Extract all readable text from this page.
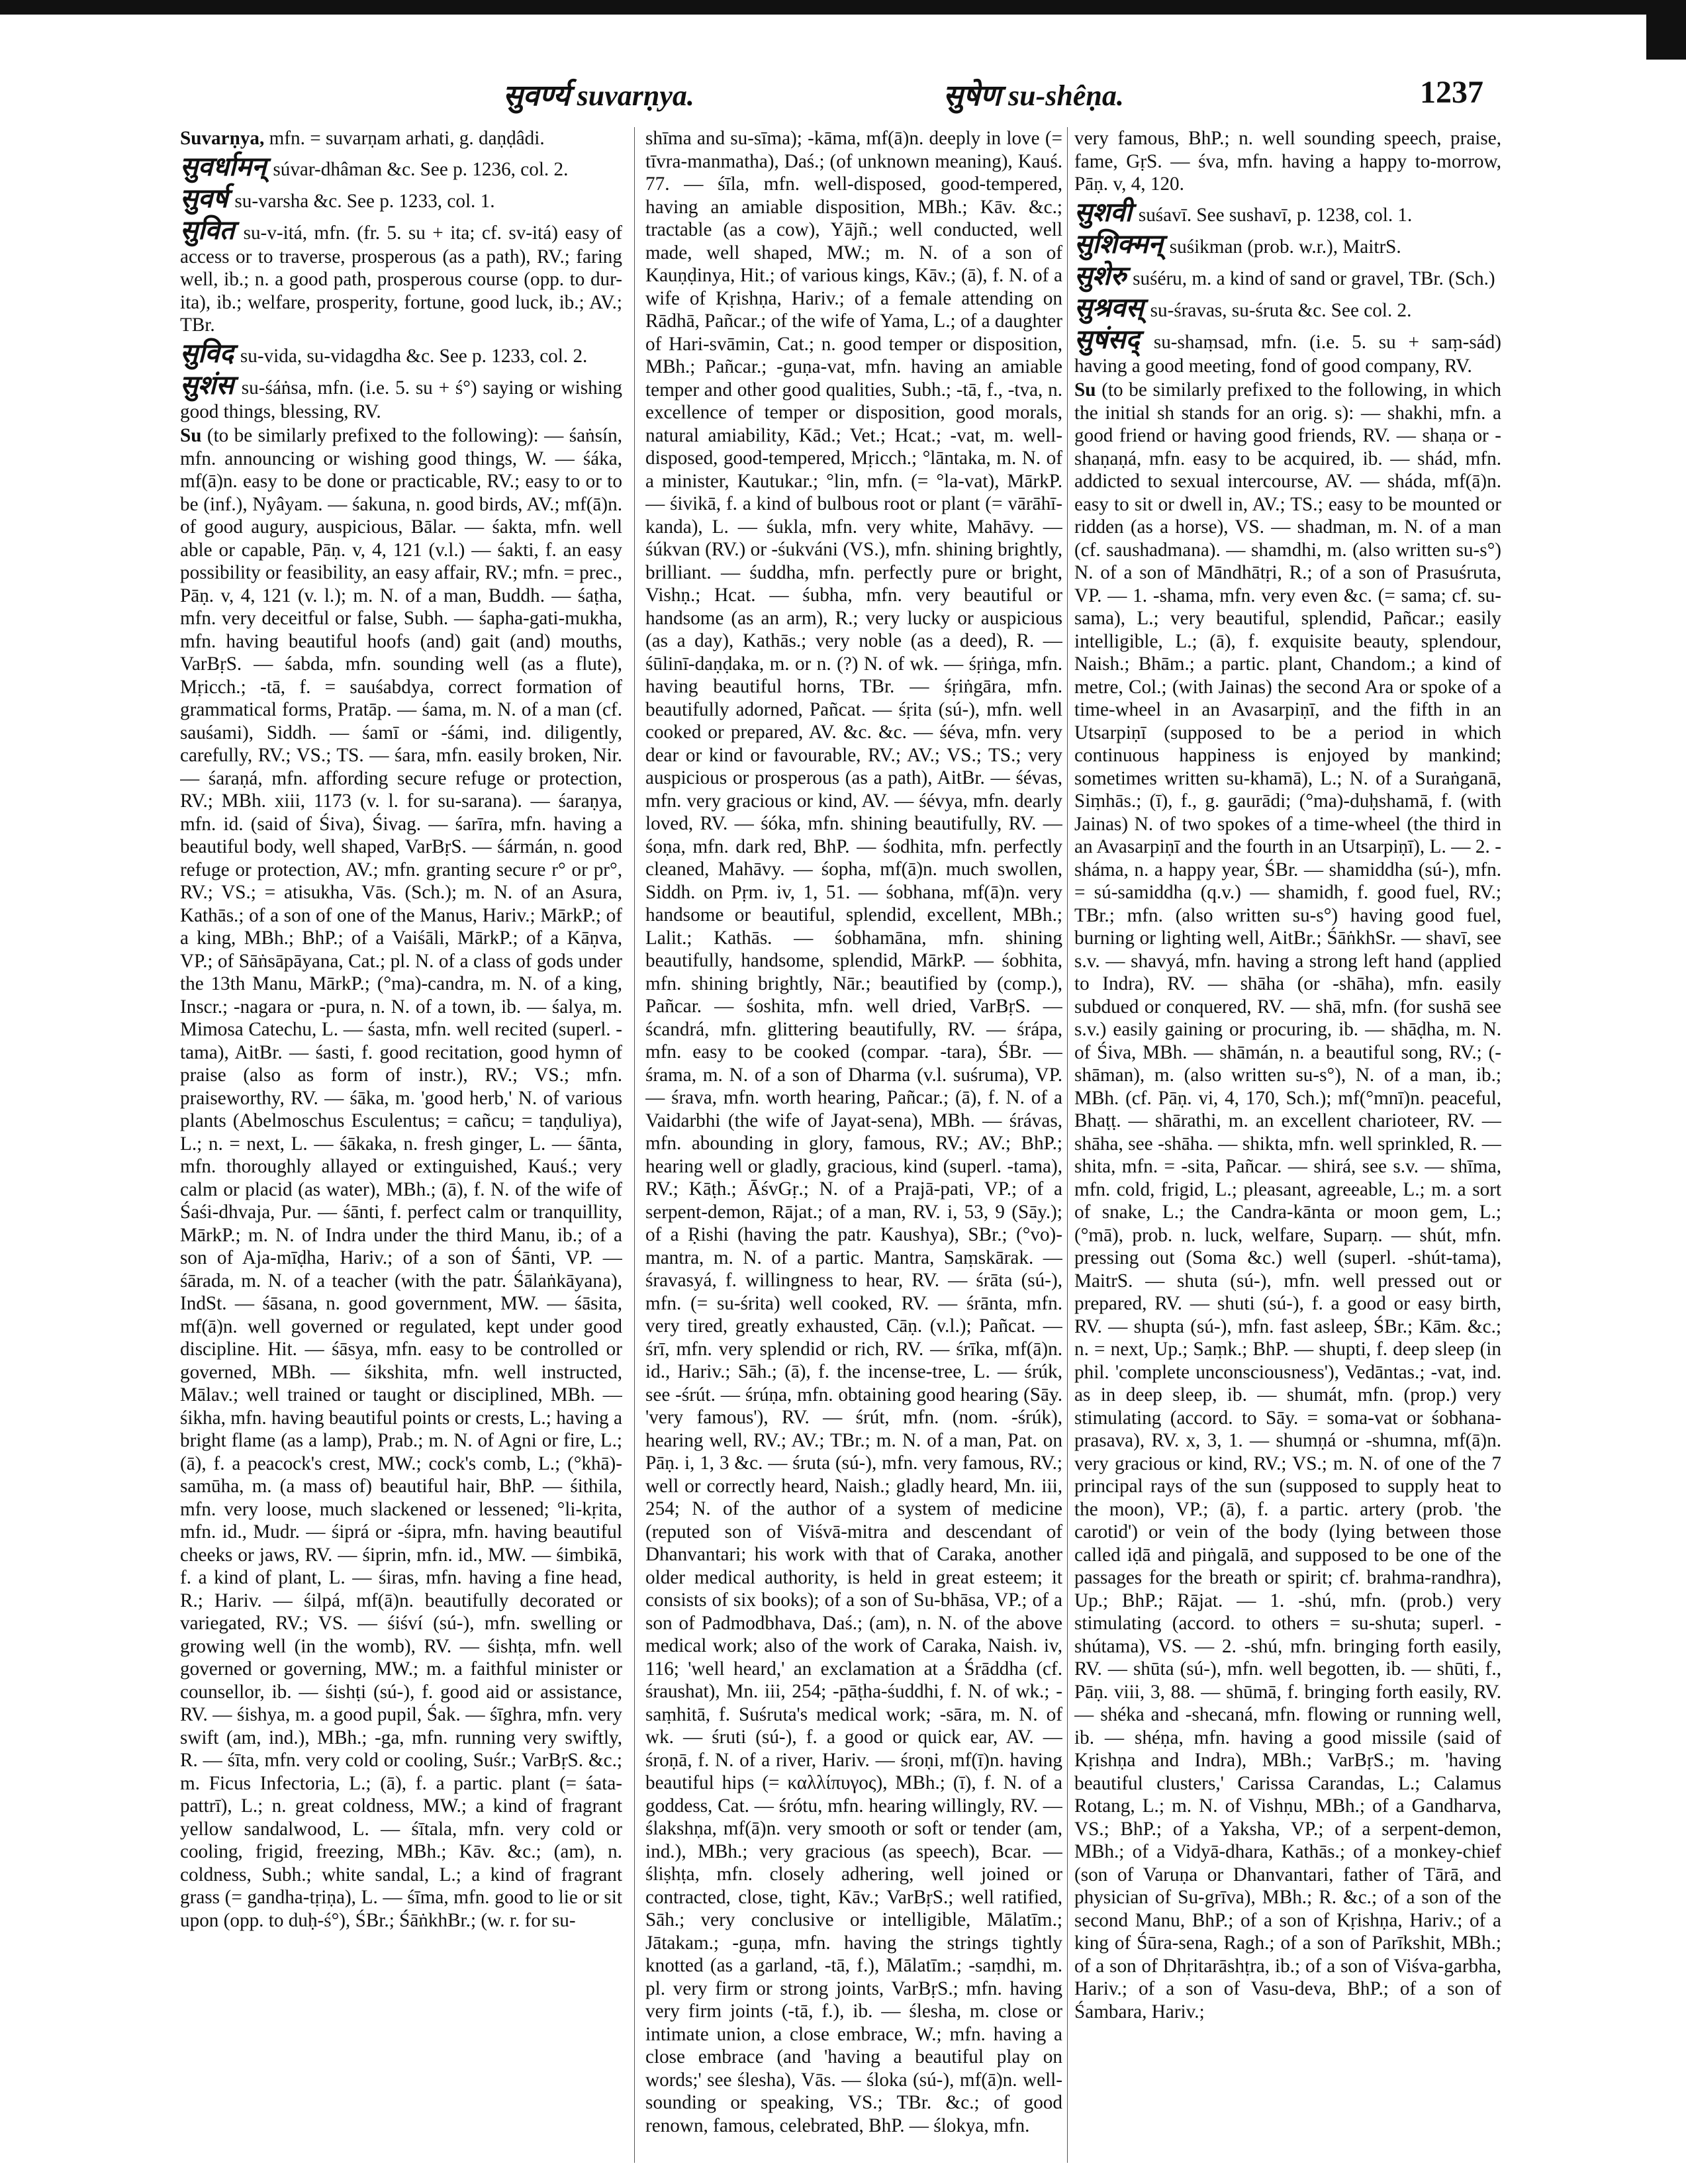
सुवर्ण्य suvarṇya.	सुषेण su-shêṇa.	1237
Suvarṇya, mfn. = suvarṇam arhati, g. daṇḍâdi.
सुवर्धामन् súvar-dhâman &c. See p. 1236, col. 2.
सुवर्ष su-varsha &c. See p. 1233, col. 1.
सुवित su-v-itá, mfn. (fr. 5. su + ita; cf. sv-itá) easy of access or to traverse, prosperous (as a path), RV.; faring well, ib.; n. a good path, prosperous course (opp. to dur-ita), ib.; welfare, prosperity, fortune, good luck, ib.; AV.; TBr.
सुविद su-vida, su-vidagdha &c. See p. 1233, col. 2.
सुशंस su-śáṅsa, mfn. (i.e. 5. su + ś°) saying or wishing good things, blessing, RV.
Su (to be similarly prefixed to the following): — śaṅsín, mfn. announcing or wishing good things, W. — śáka, mf(ā)n. easy to be done or practicable, RV.; easy to or to be (inf.), Nyâyam. — śakuna, n. good birds, AV.; mf(ā)n. of good augury, auspicious, Bālar. — śakta, mfn. well able or capable, Pāṇ. v, 4, 121 (v.l.) — śakti, f. an easy possibility or feasibility, an easy affair, RV.; mfn. = prec., Pāṇ. v, 4, 121 (v. l.); m. N. of a man, Buddh. — śaṭha, mfn. very deceitful or false, Subh. — śapha-gati-mukha, mfn. having beautiful hoofs (and) gait (and) mouths, VarBṛS. — śabda, mfn. sounding well (as a flute), Mṛicch.; -tā, f. = sauśabdya, correct formation of grammatical forms, Pratāp. — śama, m. N. of a man (cf. sauśami), Siddh. — śamī or -śámi, ind. diligently, carefully, RV.; VS.; TS. — śara, mfn. easily broken, Nir. — śaraṇá, mfn. affording secure refuge or protection, RV.; MBh. xiii, 1173 (v. l. for su-sarana). — śaraṇya, mfn. id. (said of Śiva), Śivag. — śarīra, mfn. having a beautiful body, well shaped, VarBṛS. — śármán, n. good refuge or protection, AV.; mfn. granting secure r° or pr°, RV.; VS.; = atisukha, Vās. (Sch.); m. N. of an Asura, Kathās.; of a son of one of the Manus, Hariv.; MārkP.; of a king, MBh.; BhP.; of a Vaiśāli, MārkP.; of a Kāṇva, VP.; of Sāṅsāpāyana, Cat.; pl. N. of a class of gods under the 13th Manu, MārkP.; (°ma)-candra, m. N. of a king, Inscr.; -nagara or -pura, n. N. of a town, ib. — śalya, m. Mimosa Catechu, L. — śasta, mfn. well recited (superl. -tama), AitBr. — śasti, f. good recitation, good hymn of praise (also as form of instr.), RV.; VS.; mfn. praiseworthy, RV. — śāka, m. 'good herb,' N. of various plants (Abelmoschus Esculentus; = cañcu; = taṇḍuliya), L.; n. = next, L. — śākaka, n. fresh ginger, L. — śānta, mfn. thoroughly allayed or extinguished, Kauś.; very calm or placid (as water), MBh.; (ā), f. N. of the wife of Śaśi-dhvaja, Pur. — śānti, f. perfect calm or tranquillity, MārkP.; m. N. of Indra under the third Manu, ib.; of a son of Aja-mīḍha, Hariv.; of a son of Śānti, VP. — śārada, m. N. of a teacher (with the patr. Śālaṅkāyana), IndSt. — śāsana, n. good government, MW. — śāsita, mf(ā)n. well governed or regulated, kept under good discipline. Hit. — śāsya, mfn. easy to be controlled or governed, MBh. — śikshita, mfn. well instructed, Mālav.; well trained or taught or disciplined, MBh. — śikha, mfn. having beautiful points or crests, L.; having a bright flame (as a lamp), Prab.; m. N. of Agni or fire, L.; (ā), f. a peacock's crest, MW.; cock's comb, L.; (°khā)-samūha, m. (a mass of) beautiful hair, BhP. — śithila, mfn. very loose, much slackened or lessened; °li-kṛita, mfn. id., Mudr. — śiprá or -śipra, mfn. having beautiful cheeks or jaws, RV. — śiprin, mfn. id., MW. — śimbikā, f. a kind of plant, L. — śiras, mfn. having a fine head, R.; Hariv. — śilpá, mf(ā)n. beautifully decorated or variegated, RV.; VS. — śiśví (sú-), mfn. swelling or growing well (in the womb), RV. — śishṭa, mfn. well governed or governing, MW.; m. a faithful minister or counsellor, ib. — śishṭi (sú-), f. good aid or assistance, RV. — śishya, m. a good pupil, Śak. — śīghra, mfn. very swift (am, ind.), MBh.; -ga, mfn. running very swiftly, R. — śīta, mfn. very cold or cooling, Suśr.; VarBṛS. &c.; m. Ficus Infectoria, L.; (ā), f. a partic. plant (= śata-pattrī), L.; n. great coldness, MW.; a kind of fragrant yellow sandalwood, L. — śītala, mfn. very cold or cooling, frigid, freezing, MBh.; Kāv. &c.; (am), n. coldness, Subh.; white sandal, L.; a kind of fragrant grass (= gandha-tṛiṇa), L. — śīma, mfn. good to lie or sit upon (opp. to duḥ-ś°), ŚBr.; ŚāṅkhBr.; (w. r. for su-
shīma and su-sīma); -kāma, mf(ā)n. deeply in love (= tīvra-manmatha), Daś.; (of unknown meaning), Kauś. 77. — śīla, mfn. well-disposed, good-tempered, having an amiable disposition, MBh.; Kāv. &c.; tractable (as a cow), Yājñ.; well conducted, well made, well shaped, MW.; m. N. of a son of Kauṇḍinya, Hit.; of various kings, Kāv.; (ā), f. N. of a wife of Kṛishṇa, Hariv.; of a female attending on Rādhā, Pañcar.; of the wife of Yama, L.; of a daughter of Hari-svāmin, Cat.; n. good temper or disposition, MBh.; Pañcar.; -guṇa-vat, mfn. having an amiable temper and other good qualities, Subh.; -tā, f., -tva, n. excellence of temper or disposition, good morals, natural amiability, Kād.; Vet.; Hcat.; -vat, m. well-disposed, good-tempered, Mṛicch.; °lāntaka, m. N. of a minister, Kautukar.; °lin, mfn. (= °la-vat), MārkP. — śivikā, f. a kind of bulbous root or plant (= vārāhī-kanda), L. — śukla, mfn. very white, Mahāvy. — śúkvan (RV.) or -śukváni (VS.), mfn. shining brightly, brilliant. — śuddha, mfn. perfectly pure or bright, Vishṇ.; Hcat. — śubha, mfn. very beautiful or handsome (as an arm), R.; very lucky or auspicious (as a day), Kathās.; very noble (as a deed), R. — śūlinī-daṇḍaka, m. or n. (?) N. of wk. — śṛiṅga, mfn. having beautiful horns, TBr. — śṛiṅgāra, mfn. beautifully adorned, Pañcat. — śṛita (sú-), mfn. well cooked or prepared, AV. &c. &c. — śéva, mfn. very dear or kind or favourable, RV.; AV.; VS.; TS.; very auspicious or prosperous (as a path), AitBr. — śévas, mfn. very gracious or kind, AV. — śévya, mfn. dearly loved, RV. — śóka, mfn. shining beautifully, RV. — śoṇa, mfn. dark red, BhP. — śodhita, mfn. perfectly cleaned, Mahāvy. — śopha, mf(ā)n. much swollen, Siddh. on Pṛm. iv, 1, 51. — śobhana, mf(ā)n. very handsome or beautiful, splendid, excellent, MBh.; Lalit.; Kathās. — śobhamāna, mfn. shining beautifully, handsome, splendid, MārkP. — śobhita, mfn. shining brightly, Nār.; beautified by (comp.), Pañcar. — śoshita, mfn. well dried, VarBṛS. — ścandrá, mfn. glittering beautifully, RV. — śrápa, mfn. easy to be cooked (compar. -tara), ŚBr. — śrama, m. N. of a son of Dharma (v.l. suśruma), VP. — śrava, mfn. worth hearing, Pañcar.; (ā), f. N. of a Vaidarbhi (the wife of Jayat-sena), MBh. — śrávas, mfn. abounding in glory, famous, RV.; AV.; BhP.; hearing well or gladly, gracious, kind (superl. -tama), RV.; Kāṭh.; ĀśvGṛ.; N. of a Prajā-pati, VP.; of a serpent-demon, Rājat.; of a man, RV. i, 53, 9 (Sāy.); of a Ṛishi (having the patr. Kaushya), SBr.; (°vo)-mantra, m. N. of a partic. Mantra, Saṃskārak. — śravasyá, f. willingness to hear, RV. — śrāta (sú-), mfn. (= su-śrita) well cooked, RV. — śrāntа, mfn. very tired, greatly exhausted, Cāṇ. (v.l.); Pañcat. — śrī, mfn. very splendid or rich, RV. — śrīka, mf(ā)n. id., Hariv.; Sāh.; (ā), f. the incense-tree, L. — śrúk, see -śrút. — śrúṇa, mfn. obtaining good hearing (Sāy. 'very famous'), RV. — śrút, mfn. (nom. -śrúk), hearing well, RV.; AV.; TBr.; m. N. of a man, Pat. on Pāṇ. i, 1, 3 &c. — śruta (sú-), mfn. very famous, RV.; well or correctly heard, Naish.; gladly heard, Mn. iii, 254; N. of the author of a system of medicine (reputed son of Viśvā-mitra and descendant of Dhanvantari; his work with that of Caraka, another older medical authority, is held in great esteem; it consists of six books); of a son of Su-bhāsa, VP.; of a son of Padmodbhava, Daś.; (am), n. N. of the above medical work; also of the work of Caraka, Naish. iv, 116; 'well heard,' an exclamation at a Śrāddha (cf. śraushat), Mn. iii, 254; -pāṭha-śuddhi, f. N. of wk.; -saṃhitā, f. Suśruta's medical work; -sāra, m. N. of wk. — śruti (sú-), f. a good or quick ear, AV. — śroṇā, f. N. of a river, Hariv. — śroṇi, mf(ī)n. having beautiful hips (= καλλίπυγος), MBh.; (ī), f. N. of a goddess, Cat. — śrótu, mfn. hearing willingly, RV. — ślakshṇa, mf(ā)n. very smooth or soft or tender (am, ind.), MBh.; very gracious (as speech), Bcar. — śliṣhṭa, mfn. closely adhering, well joined or contracted, close, tight, Kāv.; VarBṛS.; well ratified, Sāh.; very conclusive or intelligible, Mālatīm.; Jātakam.; -guṇa, mfn. having the strings tightly knotted (as a garland, -tā, f.), Mālatīm.; -saṃdhi, m. pl. very firm or strong joints, VarBṛS.; mfn. having very firm joints (-tā, f.), ib. — ślesha, m. close or intimate union, a close embrace, W.; mfn. having a close embrace (and 'having a beautiful play on words;' see ślesha), Vās. — śloka (sú-), mf(ā)n. well-sounding or speaking, VS.; TBr. &c.; of good renown, famous, celebrated, BhP. — ślokya, mfn.
very famous, BhP.; n. well sounding speech, praise, fame, GṛS. — śva, mfn. having a happy to-morrow, Pāṇ. v, 4, 120.
सुशवी suśavī. See sushavī, p. 1238, col. 1.
सुशिक्मन् suśikman (prob. w.r.), MaitrS.
सुशेरु suśéru, m. a kind of sand or gravel, TBr. (Sch.)
सुश्रवस् su-śravas, su-śruta &c. See col. 2.
सुषंसद् su-shaṃsad, mfn. (i.e. 5. su + saṃ-sád) having a good meeting, fond of good company, RV.
Su (to be similarly prefixed to the following, in which the initial sh stands for an orig. s): — shakhi, mfn. a good friend or having good friends, RV. — shaṇa or -shaṇaṇá, mfn. easy to be acquired, ib. — shád, mfn. addicted to sexual intercourse, AV. — sháda, mf(ā)n. easy to sit or dwell in, AV.; TS.; easy to be mounted or ridden (as a horse), VS. — shadman, m. N. of a man (cf. saushadmana). — shamdhi, m. (also written su-s°) N. of a son of Māndhātṛi, R.; of a son of Prasuśruta, VP. — 1. -shama, mfn. very even &c. (= sama; cf. su-sama), L.; very beautiful, splendid, Pañcar.; easily intelligible, L.; (ā), f. exquisite beauty, splendour, Naish.; Bhām.; a partic. plant, Chandom.; a kind of metre, Col.; (with Jainas) the second Ara or spoke of a time-wheel in an Avasarpiṇī, and the fifth in an Utsarpiṇī (supposed to be a period in which continuous happiness is enjoyed by mankind; sometimes written su-khamā), L.; N. of a Suraṅganā, Siṃhās.; (ī), f., g. gaurādi; (°ma)-duḥshamā, f. (with Jainas) N. of two spokes of a time-wheel (the third in an Avasarpiṇī and the fourth in an Utsarpiṇī), L. — 2. -sháma, n. a happy year, ŚBr. — shamiddha (sú-), mfn. = sú-samiddha (q.v.) — shamidh, f. good fuel, RV.; TBr.; mfn. (also written su-s°) having good fuel, burning or lighting well, AitBr.; ŚāṅkhSr. — shavī, see s.v. — shavyá, mfn. having a strong left hand (applied to Indra), RV. — shāha (or -shāha), mfn. easily subdued or conquered, RV. — shā, mfn. (for sushā see s.v.) easily gaining or procuring, ib. — shāḍha, m. N. of Śiva, MBh. — shāmán, n. a beautiful song, RV.; (-shāman), m. (also written su-s°), N. of a man, ib.; MBh. (cf. Pāṇ. vi, 4, 170, Sch.); mf(°mnī)n. peaceful, Bhaṭṭ. — shārathi, m. an excellent charioteer, RV. — shāha, see -shāha. — shikta, mfn. well sprinkled, R. — shita, mfn. = -sita, Pañcar. — shirá, see s.v. — shīma, mfn. cold, frigid, L.; pleasant, agreeable, L.; m. a sort of snake, L.; the Candra-kānta or moon gem, L.; (°mā), prob. n. luck, welfare, Suparṇ. — shút, mfn. pressing out (Soma &c.) well (superl. -shút-tama), MaitrS. — shuta (sú-), mfn. well pressed out or prepared, RV. — shuti (sú-), f. a good or easy birth, RV. — shupta (sú-), mfn. fast asleep, ŚBr.; Kām. &c.; n. = next, Up.; Saṃk.; BhP. — shupti, f. deep sleep (in phil. 'complete unconsciousness'), Vedāntas.; -vat, ind. as in deep sleep, ib. — shumát, mfn. (prop.) very stimulating (accord. to Sāy. = soma-vat or śobhana-prasava), RV. x, 3, 1. — shumṇá or -shumna, mf(ā)n. very gracious or kind, RV.; VS.; m. N. of one of the 7 principal rays of the sun (supposed to supply heat to the moon), VP.; (ā), f. a partic. artery (prob. 'the carotid') or vein of the body (lying between those called iḍā and piṅgalā, and supposed to be one of the passages for the breath or spirit; cf. brahma-randhra), Up.; BhP.; Rājat. — 1. -shú, mfn. (prob.) very stimulating (accord. to others = su-shuta; superl. -shútama), VS. — 2. -shú, mfn. bringing forth easily, RV. — shūta (sú-), mfn. well begotten, ib. — shūti, f., Pāṇ. viii, 3, 88. — shūmā, f. bringing forth easily, RV. — shéka and -shecaná, mfn. flowing or running well, ib. — shéṇa, mfn. having a good missile (said of Kṛishṇa and Indra), MBh.; VarBṛS.; m. 'having beautiful clusters,' Carissa Carandas, L.; Calamus Rotang, L.; m. N. of Vishṇu, MBh.; of a Gandharva, VS.; BhP.; of a Yaksha, VP.; of a serpent-demon, MBh.; of a Vidyā-dhara, Kathās.; of a monkey-chief (son of Varuṇa or Dhanvantari, father of Tārā, and physician of Su-grīva), MBh.; R. &c.; of a son of the second Manu, BhP.; of a son of Kṛishṇa, Hariv.; of a king of Śūra-sena, Ragh.; of a son of Parīkshit, MBh.; of a son of Dhṛitarāshṭra, ib.; of a son of Viśva-garbha, Hariv.; of a son of Vasu-deva, BhP.; of a son of Śambara, Hariv.;
